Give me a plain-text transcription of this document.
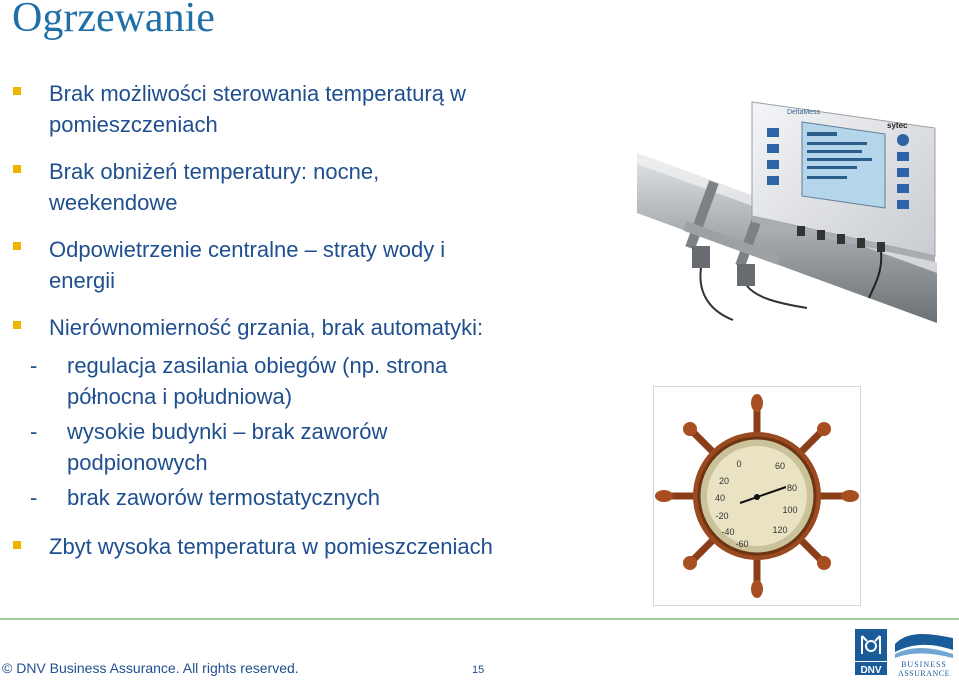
Ogrzewanie
Brak możliwości sterowania temperaturą w
pomieszczeniach
Brak obniżeń temperatury: nocne,
weekendowe
Odpowietrzenie centralne – straty wody i
energii
Nierównomierność grzania, brak automatyki:
- regulacja zasilania obiegów (np. strona
północna i południowa)
- wysokie budynki – brak zaworów
podpionowych
- brak zaworów termostatycznych
Zbyt wysoka temperatura w pomieszczeniach
DeltaMess
sytec
0
20
40
60
80
100
120
-20
-40
-60
© DNV Business Assurance. All rights reserved.	15	DNV
BUSINESS
ASSURANCE
